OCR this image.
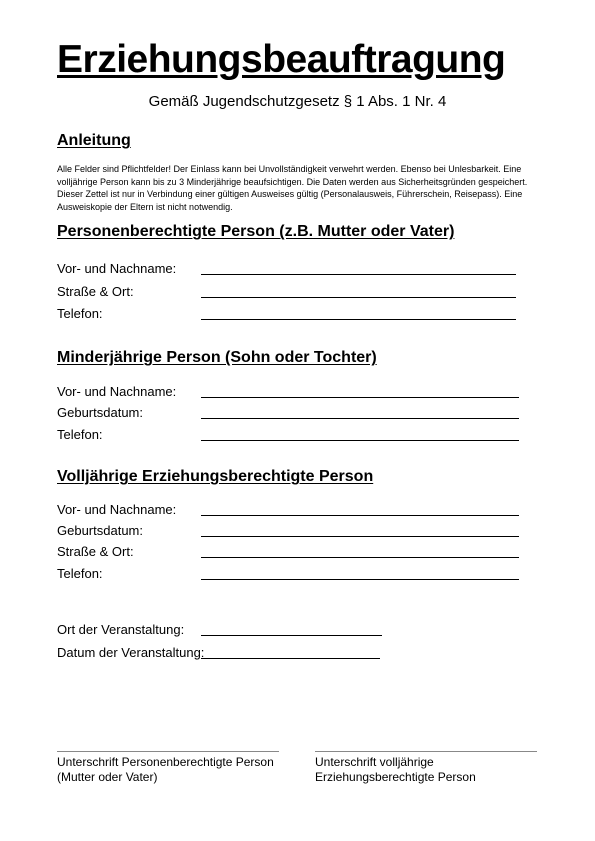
Erziehungsbeauftragung
Gemäß Jugendschutzgesetz § 1 Abs. 1 Nr. 4
Anleitung
Alle Felder sind Pflichtfelder! Der Einlass kann bei Unvollständigkeit verwehrt werden. Ebenso bei Unlesbarkeit. Eine volljährige Person kann bis zu 3 Minderjährige beaufsichtigen. Die Daten werden aus Sicherheitsgründen gespeichert. Dieser Zettel ist nur in Verbindung einer gültigen Ausweises gültig (Personalausweis, Führerschein, Reisepass). Eine Ausweiskopie der Eltern ist nicht notwendig.
Personenberechtigte Person (z.B. Mutter oder Vater)
Vor- und Nachname:
Straße & Ort:
Telefon:
Minderjährige Person (Sohn oder Tochter)
Vor- und Nachname:
Geburtsdatum:
Telefon:
Volljährige Erziehungsberechtigte Person
Vor- und Nachname:
Geburtsdatum:
Straße & Ort:
Telefon:
Ort der Veranstaltung:
Datum der Veranstaltung:
Unterschrift Personenberechtigte Person
(Mutter oder Vater)
Unterschrift volljährige
Erziehungsberechtigte Person
